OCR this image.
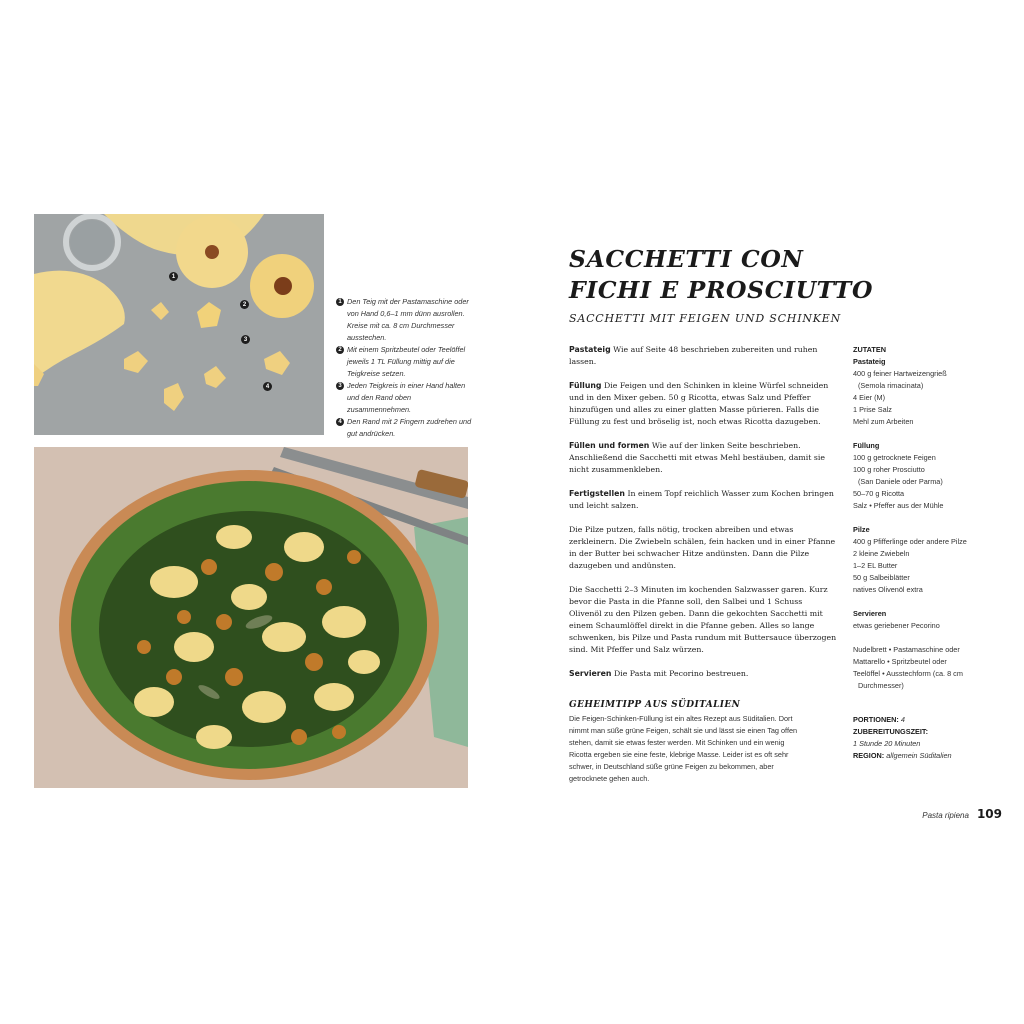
1
2
3
4
1 Den Teig mit der Pastamaschine oder von Hand 0,6–1 mm dünn ausrollen. Kreise mit ca. 8 cm Durchmesser ausstechen.
2 Mit einem Spritzbeutel oder Teelöffel jeweils 1 TL Füllung mittig auf die Teigkreise setzen.
3 Jeden Teigkreis in einer Hand halten und den Rand oben zusammennehmen.
4 Den Rand mit 2 Fingern zudrehen und gut andrücken.
SACCHETTI CON
FICHI E PROSCIUTTO
SACCHETTI MIT FEIGEN UND SCHINKEN

Pastateig Wie auf Seite 48 beschrieben zubereiten und ruhen lassen.

Füllung Die Feigen und den Schinken in kleine Würfel schneiden und in den Mixer geben. 50 g Ricotta, etwas Salz und Pfeffer hinzufügen und alles zu einer glatten Masse pürieren. Falls die Füllung zu fest und bröselig ist, noch etwas Ricotta dazugeben.

Füllen und formen Wie auf der linken Seite beschrieben. Anschließend die Sacchetti mit etwas Mehl bestäuben, damit sie nicht zusammenkleben.

Fertigstellen In einem Topf reichlich Wasser zum Kochen bringen und leicht salzen.

Die Pilze putzen, falls nötig, trocken abreiben und etwas zerkleinern. Die Zwiebeln schälen, fein hacken und in einer Pfanne in der Butter bei schwacher Hitze andünsten. Dann die Pilze dazugeben und andünsten.

Die Sacchetti 2–3 Minuten im kochenden Salzwasser garen. Kurz bevor die Pasta in die Pfanne soll, den Salbei und 1 Schuss Olivenöl zu den Pilzen geben. Dann die gekochten Sacchetti mit einem Schaumlöffel direkt in die Pfanne geben. Alles so lange schwenken, bis Pilze und Pasta rundum mit Buttersauce überzogen sind. Mit Pfeffer und Salz würzen.

Servieren Die Pasta mit Pecorino bestreuen.

GEHEIMTIPP AUS SÜDITALIEN
Die Feigen-Schinken-Füllung ist ein altes Rezept aus Süditalien. Dort nimmt man süße grüne Feigen, schält sie und lässt sie einen Tag offen stehen, damit sie etwas fester werden. Mit Schinken und ein wenig Ricotta ergeben sie eine feste, klebrige Masse. Leider ist es oft sehr schwer, in Deutschland süße grüne Feigen zu bekommen, aber getrocknete gehen auch.
ZUTATEN
Pastateig
400 g feiner Hartweizengrieß
(Semola rimacinata)
4 Eier (M)
1 Prise Salz
Mehl zum Arbeiten
Füllung
100 g getrocknete Feigen
100 g roher Prosciutto
(San Daniele oder Parma)
50–70 g Ricotta
Salz • Pfeffer aus der Mühle
Pilze
400 g Pfifferlinge oder andere Pilze
2 kleine Zwiebeln
1–2 EL Butter
50 g Salbeiblätter
natives Olivenöl extra
Servieren
etwas geriebener Pecorino
Nudelbrett • Pastamaschine oder
Mattarello • Spritzbeutel oder
Teelöffel • Ausstechform (ca. 8 cm
Durchmesser)
PORTIONEN: 4
ZUBEREITUNGSZEIT:
1 Stunde 20 Minuten
REGION: allgemein Süditalien
Pasta ripiena 109
